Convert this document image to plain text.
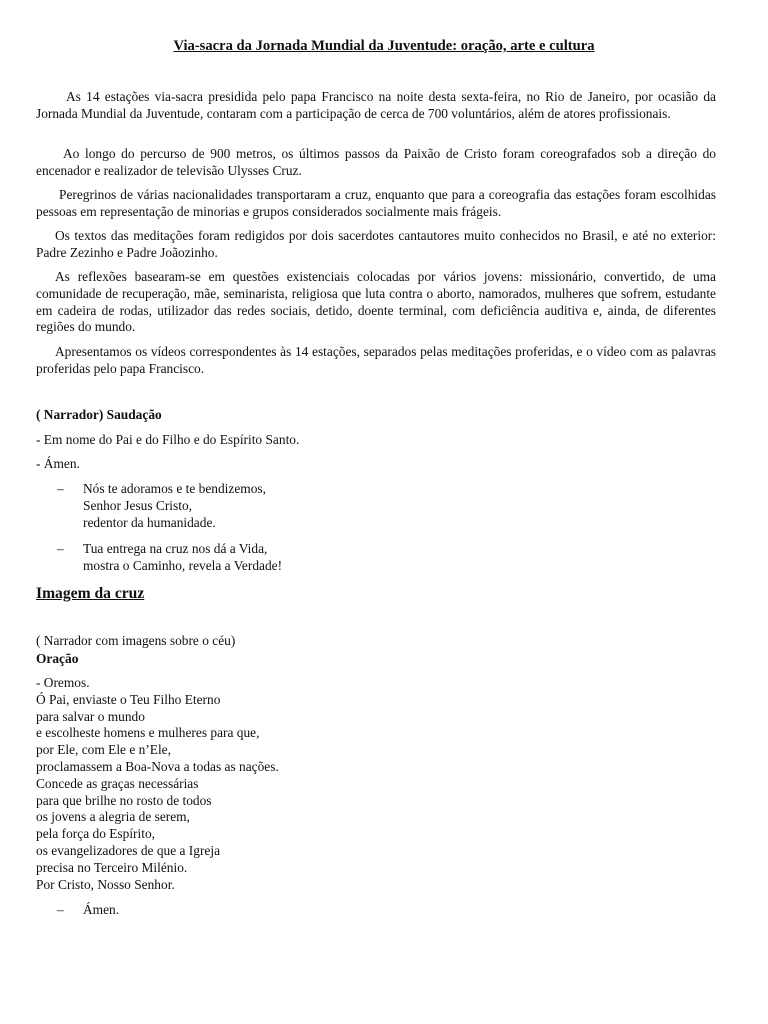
Via-sacra da Jornada Mundial da Juventude: oração, arte e cultura

As 14 estações via-sacra presidida pelo papa Francisco na noite desta sexta-feira, no Rio de Janeiro, por ocasião da Jornada Mundial da Juventude, contaram com a participação de cerca de 700 voluntários, além de atores profissionais.

Ao longo do percurso de 900 metros, os últimos passos da Paixão de Cristo foram coreografados sob a direção do encenador e realizador de televisão Ulysses Cruz.

Peregrinos de várias nacionalidades transportaram a cruz, enquanto que para a coreografia das estações foram escolhidas pessoas em representação de minorias e grupos considerados socialmente mais frágeis.

Os textos das meditações foram redigidos por dois sacerdotes cantautores muito conhecidos no Brasil, e até no exterior: Padre Zezinho e Padre Joãozinho.

As reflexões basearam-se em questões existenciais colocadas por vários jovens: missionário, convertido, de uma comunidade de recuperação, mãe, seminarista, religiosa que luta contra o aborto, namorados, mulheres que sofrem, estudante em cadeira de rodas, utilizador das redes sociais, detido, doente terminal, com deficiência auditiva e, ainda, de diferentes regiões do mundo.

Apresentamos os vídeos correspondentes às 14 estações, separados pelas meditações proferidas, e o vídeo com as palavras proferidas pelo papa Francisco.

( Narrador) Saudação
- Em nome do Pai e do Filho e do Espírito Santo.
- Ámen.
– Nós te adoramos e te bendizemos,
Senhor Jesus Cristo,
redentor da humanidade.
– Tua entrega na cruz nos dá a Vida,
mostra o Caminho, revela a Verdade!
Imagem da cruz
( Narrador com imagens sobre o céu)
Oração
- Oremos.
Ó Pai, enviaste o Teu Filho Eterno
para salvar o mundo
e escolheste homens e mulheres para que,
por Ele, com Ele e n’Ele,
proclamassem a Boa-Nova a todas as nações.
Concede as graças necessárias
para que brilhe no rosto de todos
os jovens a alegria de serem,
pela força do Espírito,
os evangelizadores de que a Igreja
precisa no Terceiro Milénio.
Por Cristo, Nosso Senhor.
– Ámen.
